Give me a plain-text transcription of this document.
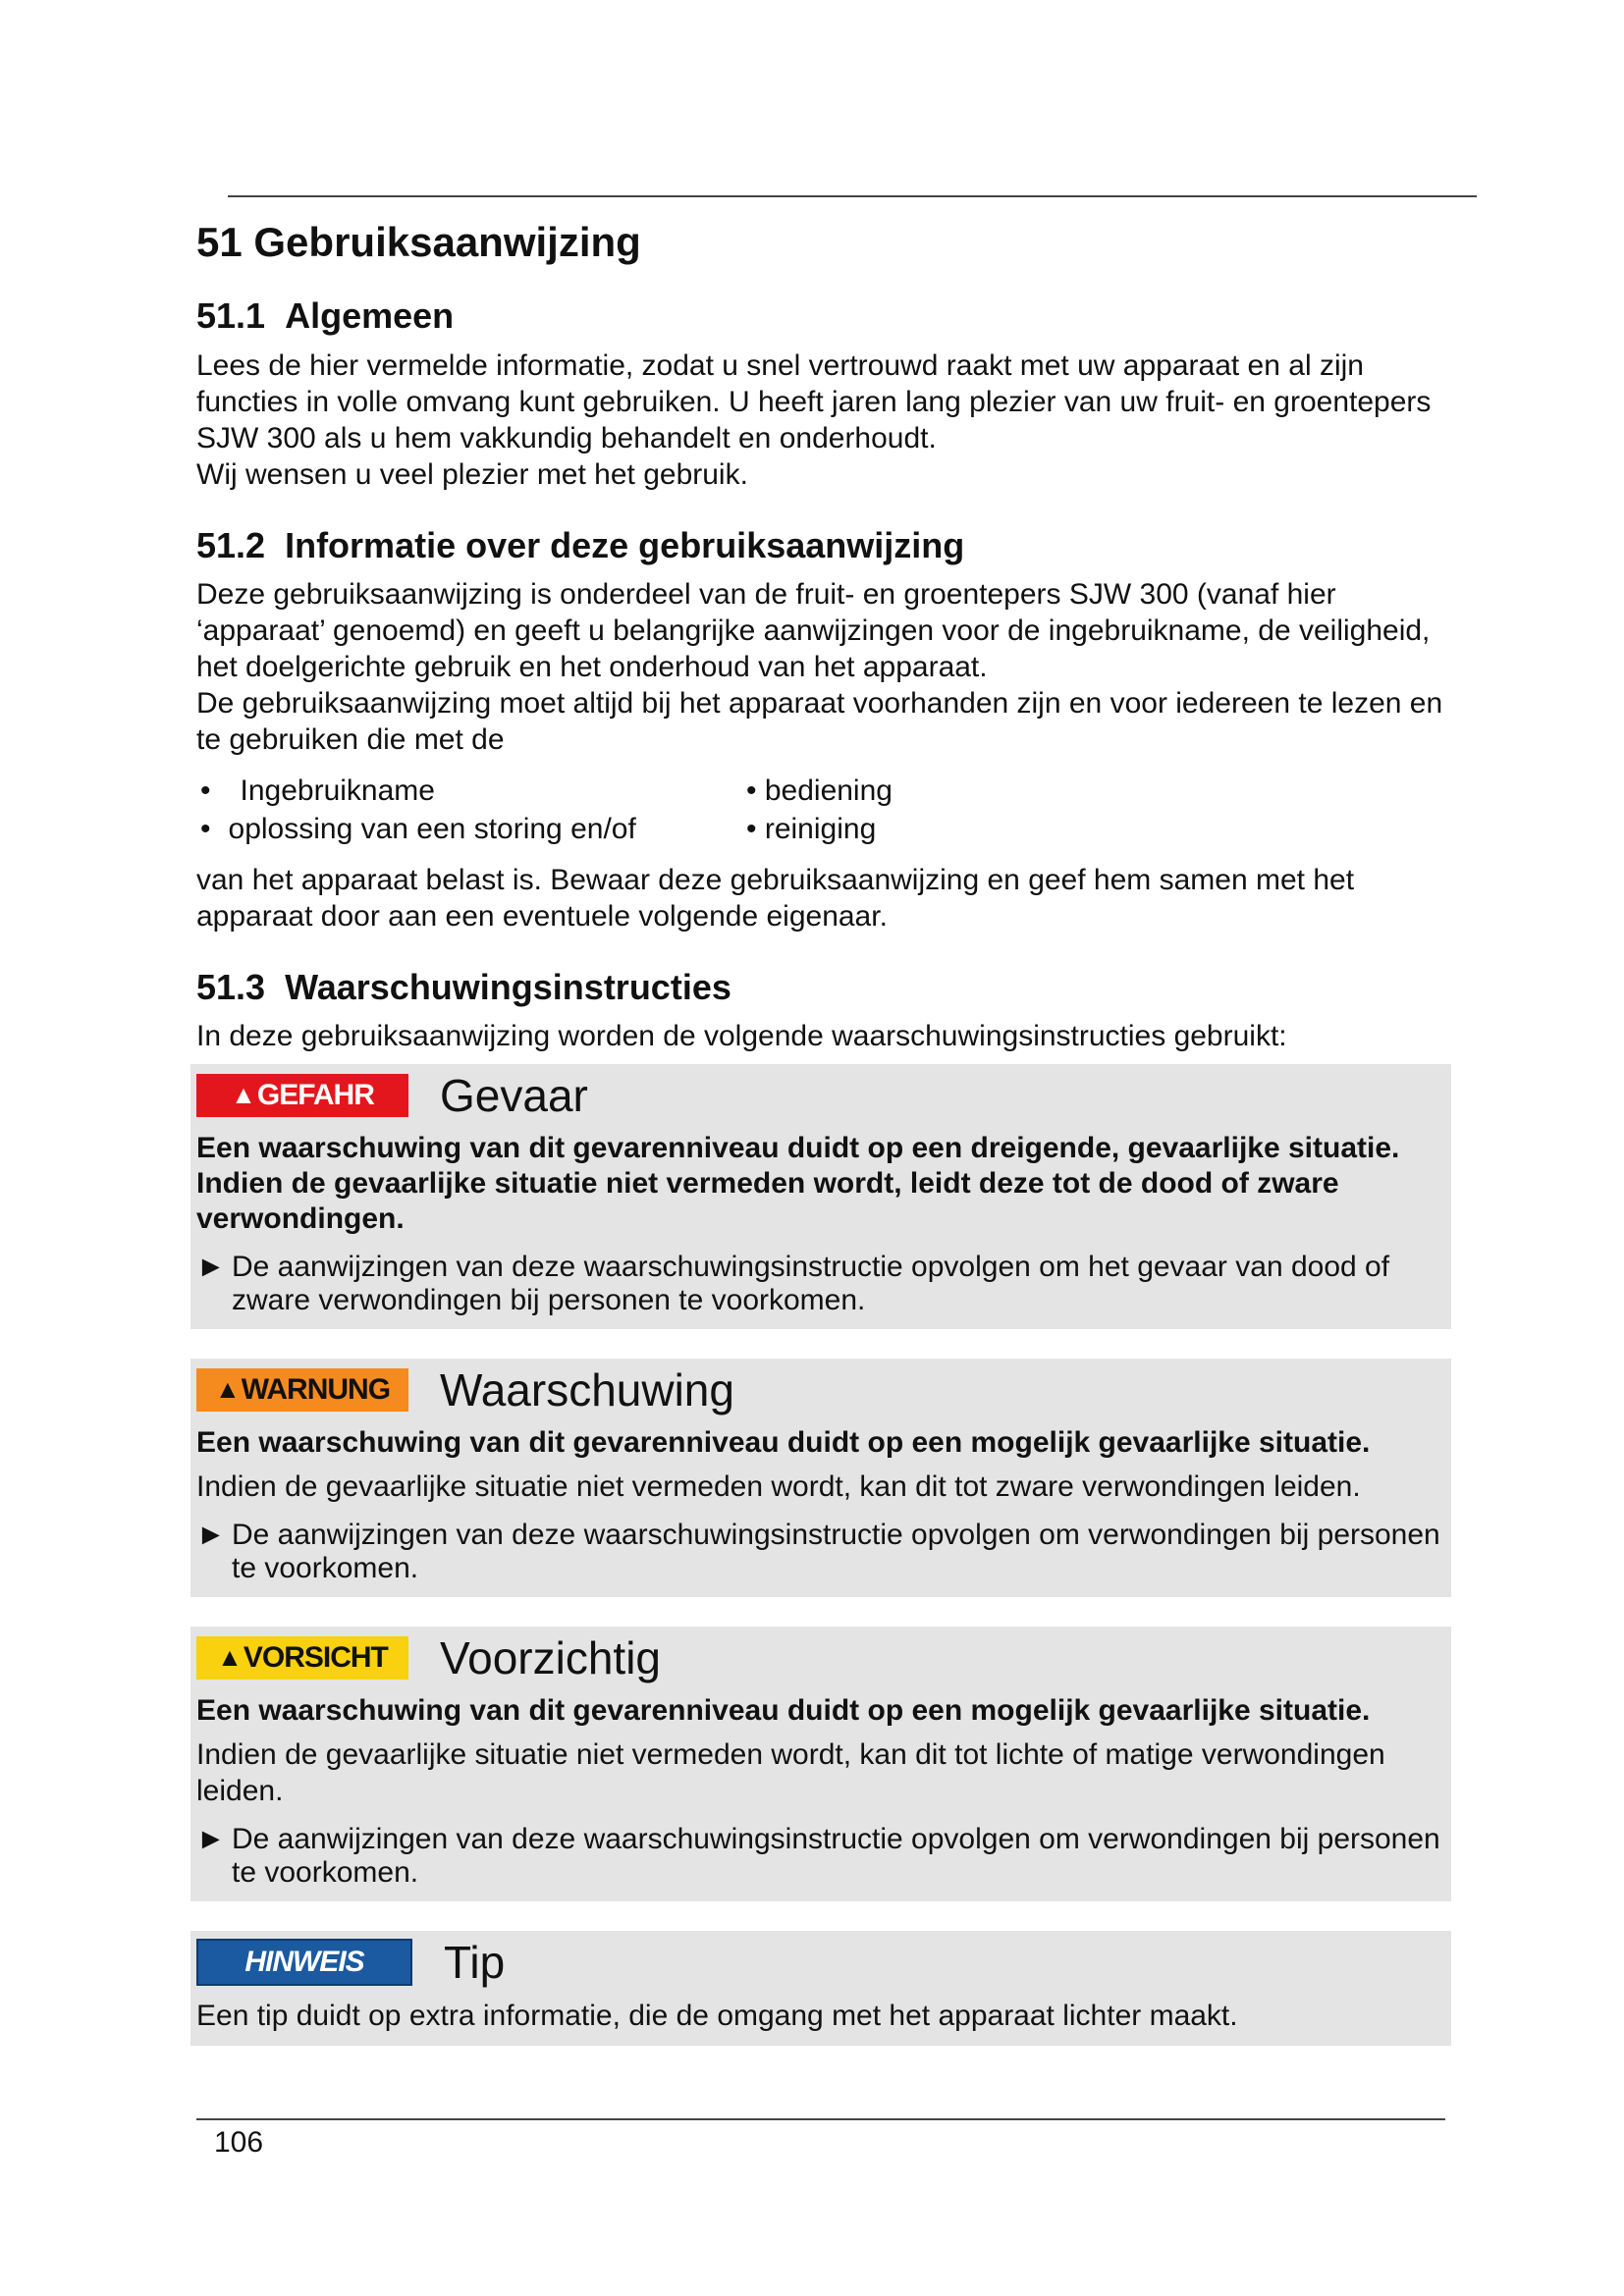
51 Gebruiksaanwijzing
51.1 Algemeen

Lees de hier vermelde informatie, zodat u snel vertrouwd raakt met uw apparaat en al zijn functies in volle omvang kunt gebruiken. U heeft jaren lang plezier van uw fruit- en groentepers SJW 300 als u hem vakkundig behandelt en onderhoudt.

Wij wensen u veel plezier met het gebruik.

51.2 Informatie over deze gebruiksaanwijzing

Deze gebruiksaanwijzing is onderdeel van de fruit- en groentepers SJW 300 (vanaf hier ‘apparaat’ genoemd) en geeft u belangrijke aanwijzingen voor de ingebruikname, de veiligheid, het doelgerichte gebruik en het onderhoud van het apparaat.

De gebruiksaanwijzing moet altijd bij het apparaat voorhanden zijn en voor iedereen te lezen en te gebruiken die met de

• Ingebruikname	• bediening
• oplossing van een storing en/of	• reiniging

van het apparaat belast is. Bewaar deze gebruiksaanwijzing en geef hem samen met het apparaat door aan een eventuele volgende eigenaar.

51.3 Waarschuwingsinstructies

In deze gebruiksaanwijzing worden de volgende waarschuwingsinstructies gebruikt:

▲ GEFAHR Gevaar
Een waarschuwing van dit gevarenniveau duidt op een dreigende, gevaarlijke situatie. Indien de gevaarlijke situatie niet vermeden wordt, leidt deze tot de dood of zware verwondingen.
► De aanwijzingen van deze waarschuwingsinstructie opvolgen om het gevaar van dood of zware verwondingen bij personen te voorkomen.
▲ WARNUNG Waarschuwing
Een waarschuwing van dit gevarenniveau duidt op een mogelijk gevaarlijke situatie.
Indien de gevaarlijke situatie niet vermeden wordt, kan dit tot zware verwondingen leiden.
► De aanwijzingen van deze waarschuwingsinstructie opvolgen om verwondingen bij personen te voorkomen.
▲ VORSICHT Voorzichtig
Een waarschuwing van dit gevarenniveau duidt op een mogelijk gevaarlijke situatie.
Indien de gevaarlijke situatie niet vermeden wordt, kan dit tot lichte of matige verwondingen leiden.
► De aanwijzingen van deze waarschuwingsinstructie opvolgen om verwondingen bij personen te voorkomen.
HINWEIS	Tip
Een tip duidt op extra informatie, die de omgang met het apparaat lichter maakt.
106
